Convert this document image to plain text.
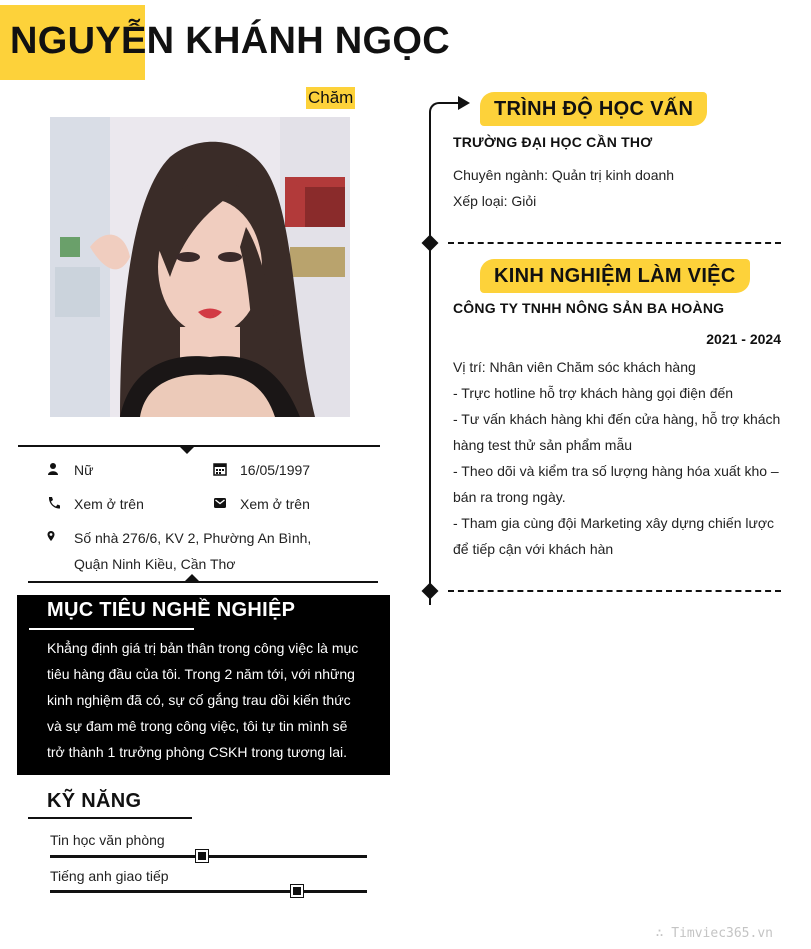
NGUYỄN KHÁNH NGỌC
Chăm
Nữ	16/05/1997
Xem ở trên	Xem ở trên
Số nhà 276/6, KV 2, Phường An Bình,
Quận Ninh Kiều, Cần Thơ
MỤC TIÊU NGHỀ NGHIỆP
Khẳng định giá trị bản thân trong công việc là mục tiêu hàng đầu của tôi. Trong 2 năm tới, với những kinh nghiệm đã có, sự cố gắng trau dồi kiến thức và sự đam mê trong công việc, tôi tự tin mình sẽ trở thành 1 trưởng phòng CSKH trong tương lai.
KỸ NĂNG
Tin học văn phòng
Tiếng anh giao tiếp
TRÌNH ĐỘ HỌC VẤN
TRƯỜNG ĐẠI HỌC CẦN THƠ
Chuyên ngành: Quản trị kinh doanh
Xếp loại: Giỏi
KINH NGHIỆM LÀM VIỆC
CÔNG TY TNHH NÔNG SẢN BA HOÀNG
2021 - 2024
Vị trí: Nhân viên Chăm sóc khách hàng
- Trực hotline hỗ trợ khách hàng gọi điện đến
- Tư vấn khách hàng khi đến cửa hàng, hỗ trợ khách hàng test thử sản phẩm mẫu
- Theo dõi và kiểm tra số lượng hàng hóa xuất kho – bán ra trong ngày.
- Tham gia cùng đội Marketing xây dựng chiến lược để tiếp cận với khách hàn
∴ Timviec365.vn
